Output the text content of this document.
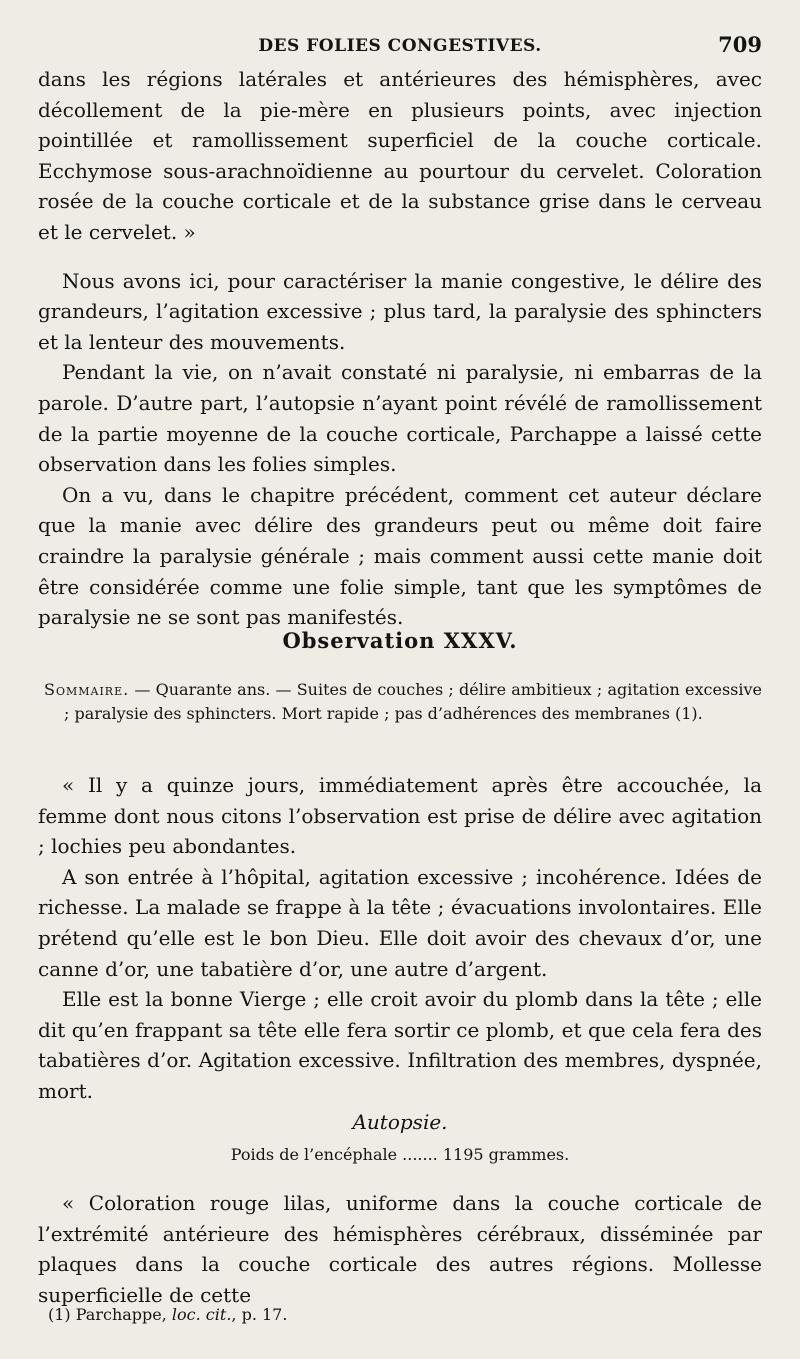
DES FOLIES CONGESTIVES.	709

dans les régions latérales et antérieures des hémisphères, avec décollement de la pie-mère en plusieurs points, avec injection pointillée et ramollissement superficiel de la couche corticale. Ecchymose sous-arachnoïdienne au pourtour du cervelet. Coloration rosée de la couche corticale et de la substance grise dans le cerveau et le cervelet. »

Nous avons ici, pour caractériser la manie congestive, le délire des grandeurs, l’agitation excessive ; plus tard, la paralysie des sphincters et la lenteur des mouvements.

Pendant la vie, on n’avait constaté ni paralysie, ni embarras de la parole. D’autre part, l’autopsie n’ayant point révélé de ramollissement de la partie moyenne de la couche corticale, Parchappe a laissé cette observation dans les folies simples.

On a vu, dans le chapitre précédent, comment cet auteur déclare que la manie avec délire des grandeurs peut ou même doit faire craindre la paralysie générale ; mais comment aussi cette manie doit être considérée comme une folie simple, tant que les symptômes de paralysie ne se sont pas manifestés.

Observation XXXV.
Sommaire. — Quarante ans. — Suites de couches ; délire ambitieux ; agitation excessive ; paralysie des sphincters. Mort rapide ; pas d’adhérences des membranes (1).

« Il y a quinze jours, immédiatement après être accouchée, la femme dont nous citons l’observation est prise de délire avec agitation ; lochies peu abondantes.

A son entrée à l’hôpital, agitation excessive ; incohérence. Idées de richesse. La malade se frappe à la tête ; évacuations involontaires. Elle prétend qu’elle est le bon Dieu. Elle doit avoir des chevaux d’or, une canne d’or, une tabatière d’or, une autre d’argent.

Elle est la bonne Vierge ; elle croit avoir du plomb dans la tête ; elle dit qu’en frappant sa tête elle fera sortir ce plomb, et que cela fera des tabatières d’or. Agitation excessive. Infiltration des membres, dyspnée, mort.

Autopsie.
Poids de l’encéphale ....... 1195 grammes.

« Coloration rouge lilas, uniforme dans la couche corticale de l’extrémité antérieure des hémisphères cérébraux, disséminée par plaques dans la couche corticale des autres régions. Mollesse superficielle de cette

(1) Parchappe, loc. cit., p. 17.
